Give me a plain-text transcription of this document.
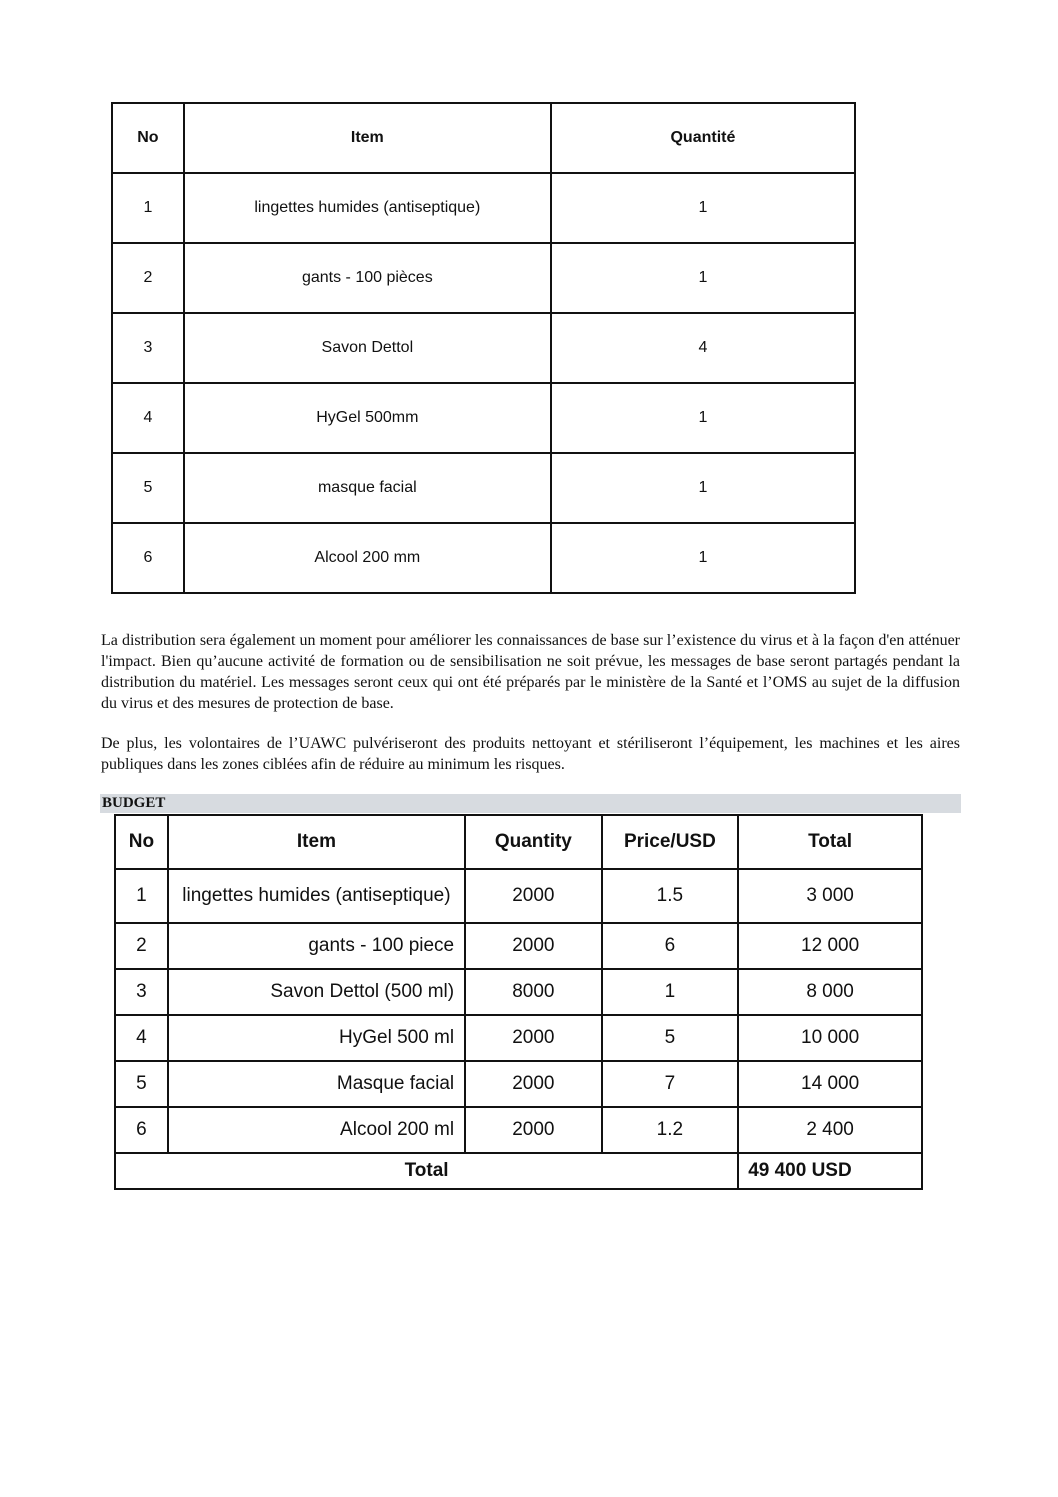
No	Item	Quantité
1	lingettes humides (antiseptique)	1
2	gants - 100 pièces	1
3	Savon Dettol	4
4	HyGel 500mm	1
5	masque facial	1
6	Alcool 200 mm	1

La distribution sera également un moment pour améliorer les connaissances de base sur l’existence du virus et à la façon d'en atténuer l'impact. Bien qu’aucune activité de formation ou de sensibilisation ne soit prévue, les messages de base seront partagés pendant la distribution du matériel. Les messages seront ceux qui ont été préparés par le ministère de la Santé et l’OMS au sujet de la diffusion du virus et des mesures de protection de base.

De plus, les volontaires de l’UAWC pulvériseront des produits nettoyant et stériliseront l’équipement, les machines et les aires publiques dans les zones ciblées afin de réduire au minimum les risques.

BUDGET

No	Item	Quantity	Price/USD	Total
1	lingettes humides (antiseptique)	2000	1.5	3 000
2	gants - 100 piece	2000	6	12 000
3	Savon Dettol (500 ml)	8000	1	8 000
4	HyGel 500 ml	2000	5	10 000
5	Masque facial	2000	7	14 000
6	Alcool 200 ml	2000	1.2	2 400
Total				49 400 USD
